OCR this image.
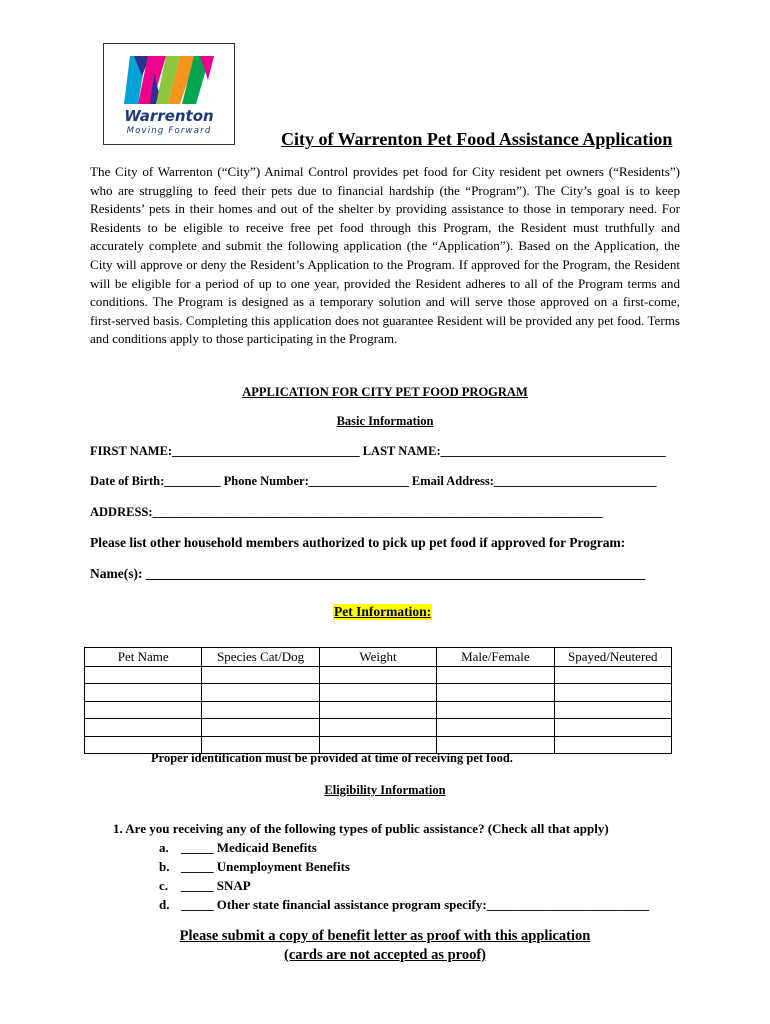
Warrenton
Moving Forward	City of Warrenton Pet Food Assistance Application
The City of Warrenton (“City”) Animal Control provides pet food for City resident pet owners (“Residents”) who are struggling to feed their pets due to financial hardship (the “Program”). The City’s goal is to keep Residents’ pets in their homes and out of the shelter by providing assistance to those in temporary need. For Residents to be eligible to receive free pet food through this Program, the Resident must truthfully and accurately complete and submit the following application (the “Application”). Based on the Application, the City will approve or deny the Resident’s Application to the Program. If approved for the Program, the Resident will be eligible for a period of up to one year, provided the Resident adheres to all of the Program terms and conditions. The Program is designed as a temporary solution and will serve those approved on a first-come, first-served basis. Completing this application does not guarantee Resident will be provided any pet food. Terms and conditions apply to those participating in the Program.
APPLICATION FOR CITY PET FOOD PROGRAM
Basic Information
FIRST NAME:______________________________ LAST NAME:____________________________________
Date of Birth:_________ Phone Number:________________ Email Address:__________________________
ADDRESS:________________________________________________________________________
Please list other household members authorized to pick up pet food if approved for Program:
Name(s): __________________________________________________________________________
Pet Information:
Pet Name	Species Cat/Dog	Weight	Male/Female	Spayed/Neutered

Proper identification must be provided at time of receiving pet food.
Eligibility Information
1. Are you receiving any of the following types of public assistance? (Check all that apply)
a. _____ Medicaid Benefits
b. _____ Unemployment Benefits
c. _____ SNAP
d. _____ Other state financial assistance program specify:_________________________
Please submit a copy of benefit letter as proof with this application
(cards are not accepted as proof)
